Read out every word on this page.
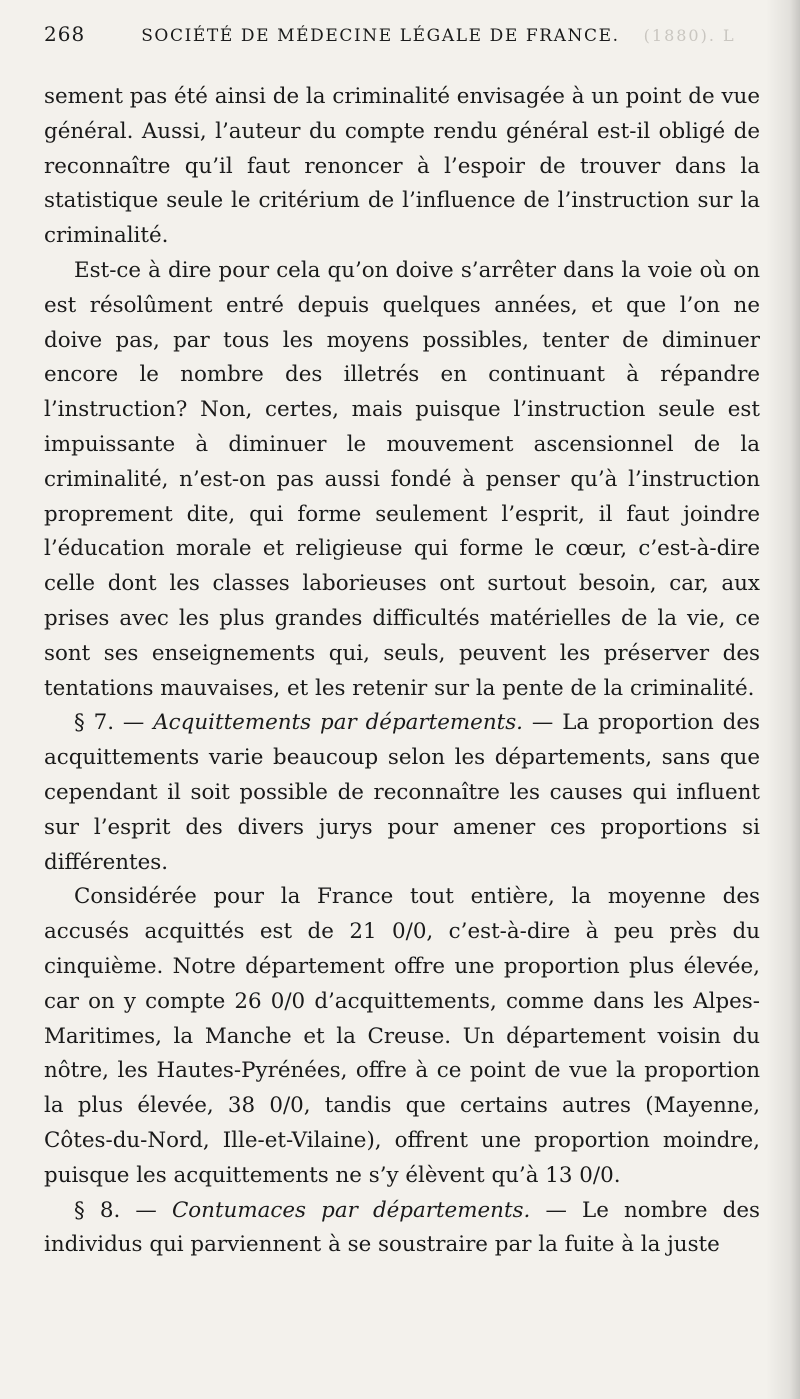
268	SOCIÉTÉ DE MÉDECINE LÉGALE DE FRANCE. (1880). L

sement pas été ainsi de la criminalité envisagée à un point de vue général. Aussi, l’auteur du compte rendu général est-il obligé de reconnaître qu’il faut renoncer à l’espoir de trouver dans la statistique seule le critérium de l’influence de l’instruction sur la criminalité.

Est-ce à dire pour cela qu’on doive s’arrêter dans la voie où on est résolûment entré depuis quelques années, et que l’on ne doive pas, par tous les moyens possibles, tenter de diminuer encore le nombre des illetrés en continuant à répandre l’instruction? Non, certes, mais puisque l’instruction seule est impuissante à diminuer le mouvement ascensionnel de la criminalité, n’est-on pas aussi fondé à penser qu’à l’instruction proprement dite, qui forme seulement l’esprit, il faut joindre l’éducation morale et religieuse qui forme le cœur, c’est-à-dire celle dont les classes laborieuses ont surtout besoin, car, aux prises avec les plus grandes difficultés matérielles de la vie, ce sont ses enseignements qui, seuls, peuvent les préserver des tentations mauvaises, et les retenir sur la pente de la criminalité.

§ 7. — Acquittements par départements. — La proportion des acquittements varie beaucoup selon les départements, sans que cependant il soit possible de reconnaître les causes qui influent sur l’esprit des divers jurys pour amener ces proportions si différentes.

Considérée pour la France tout entière, la moyenne des accusés acquittés est de 21 0/0, c’est-à-dire à peu près du cinquième. Notre département offre une proportion plus élevée, car on y compte 26 0/0 d’acquittements, comme dans les Alpes-Maritimes, la Manche et la Creuse. Un département voisin du nôtre, les Hautes-Pyrénées, offre à ce point de vue la proportion la plus élevée, 38 0/0, tandis que certains autres (Mayenne, Côtes-du-Nord, Ille-et-Vilaine), offrent une proportion moindre, puisque les acquittements ne s’y élèvent qu’à 13 0/0.

§ 8. — Contumaces par départements. — Le nombre des individus qui parviennent à se soustraire par la fuite à la juste
